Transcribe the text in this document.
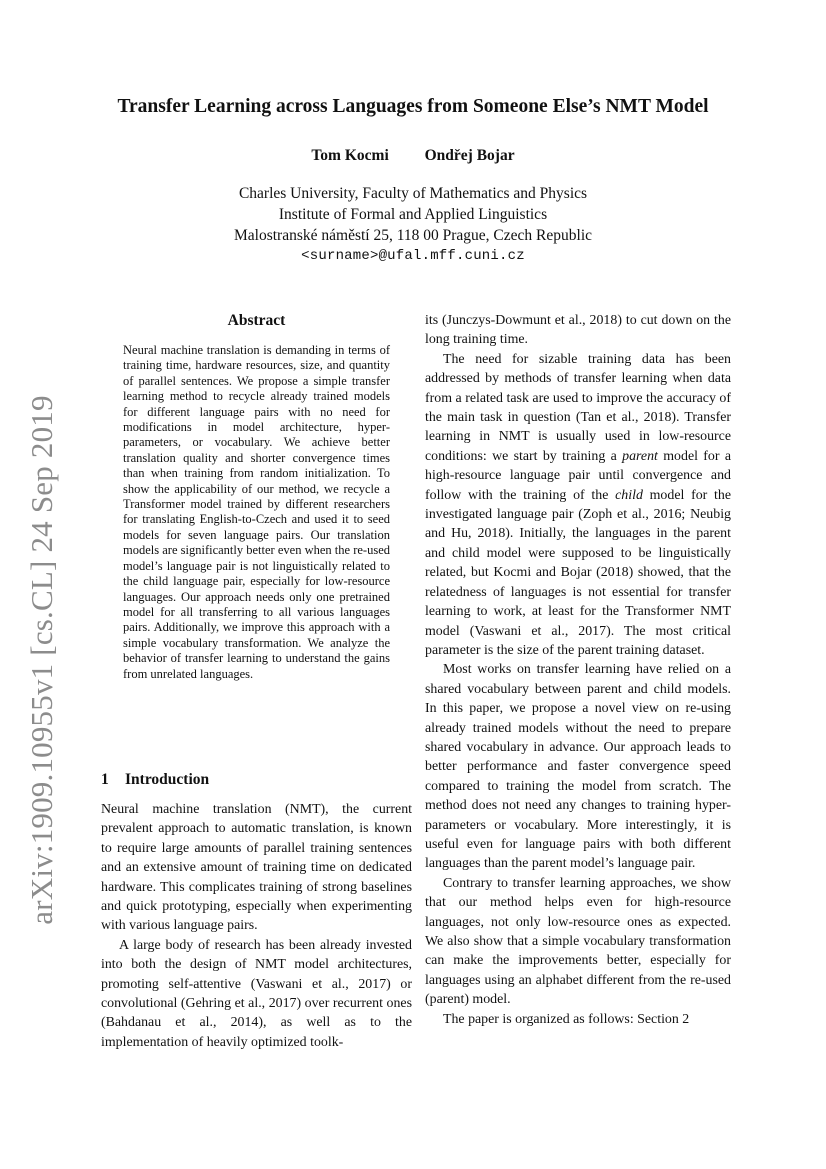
arXiv:1909.10955v1 [cs.CL] 24 Sep 2019
Transfer Learning across Languages from Someone Else’s NMT Model
Tom Kocmi Ondřej Bojar
Charles University, Faculty of Mathematics and Physics
Institute of Formal and Applied Linguistics
Malostranské náměstí 25, 118 00 Prague, Czech Republic
<surname>@ufal.mff.cuni.cz
Abstract
Neural machine translation is demanding in terms of training time, hardware resources, size, and quantity of parallel sentences. We propose a simple transfer learning method to recycle already trained models for different language pairs with no need for modifications in model architecture, hyper-parameters, or vocabulary. We achieve better translation quality and shorter convergence times than when training from random initialization. To show the applicability of our method, we recycle a Transformer model trained by different researchers for translating English-to-Czech and used it to seed models for seven language pairs. Our translation models are significantly better even when the re-used model’s language pair is not linguistically related to the child language pair, especially for low-resource languages. Our approach needs only one pretrained model for all transferring to all various languages pairs. Additionally, we improve this approach with a simple vocabulary transformation. We analyze the behavior of transfer learning to understand the gains from unrelated languages.
1 Introduction

Neural machine translation (NMT), the current prevalent approach to automatic translation, is known to require large amounts of parallel training sentences and an extensive amount of training time on dedicated hardware. This complicates training of strong baselines and quick prototyping, especially when experimenting with various language pairs.

A large body of research has been already invested into both the design of NMT model architectures, promoting self-attentive (Vaswani et al., 2017) or convolutional (Gehring et al., 2017) over recurrent ones (Bahdanau et al., 2014), as well as to the implementation of heavily optimized toolk-

its (Junczys-Dowmunt et al., 2018) to cut down on the long training time.

The need for sizable training data has been addressed by methods of transfer learning when data from a related task are used to improve the accuracy of the main task in question (Tan et al., 2018). Transfer learning in NMT is usually used in low-resource conditions: we start by training a parent model for a high-resource language pair until convergence and follow with the training of the child model for the investigated language pair (Zoph et al., 2016; Neubig and Hu, 2018). Initially, the languages in the parent and child model were supposed to be linguistically related, but Kocmi and Bojar (2018) showed, that the relatedness of languages is not essential for transfer learning to work, at least for the Transformer NMT model (Vaswani et al., 2017). The most critical parameter is the size of the parent training dataset.

Most works on transfer learning have relied on a shared vocabulary between parent and child models. In this paper, we propose a novel view on re-using already trained models without the need to prepare shared vocabulary in advance. Our approach leads to better performance and faster convergence speed compared to training the model from scratch. The method does not need any changes to training hyper-parameters or vocabulary. More interestingly, it is useful even for language pairs with both different languages than the parent model’s language pair.

Contrary to transfer learning approaches, we show that our method helps even for high-resource languages, not only low-resource ones as expected. We also show that a simple vocabulary transformation can make the improvements better, especially for languages using an alphabet different from the re-used (parent) model.

The paper is organized as follows: Section 2
